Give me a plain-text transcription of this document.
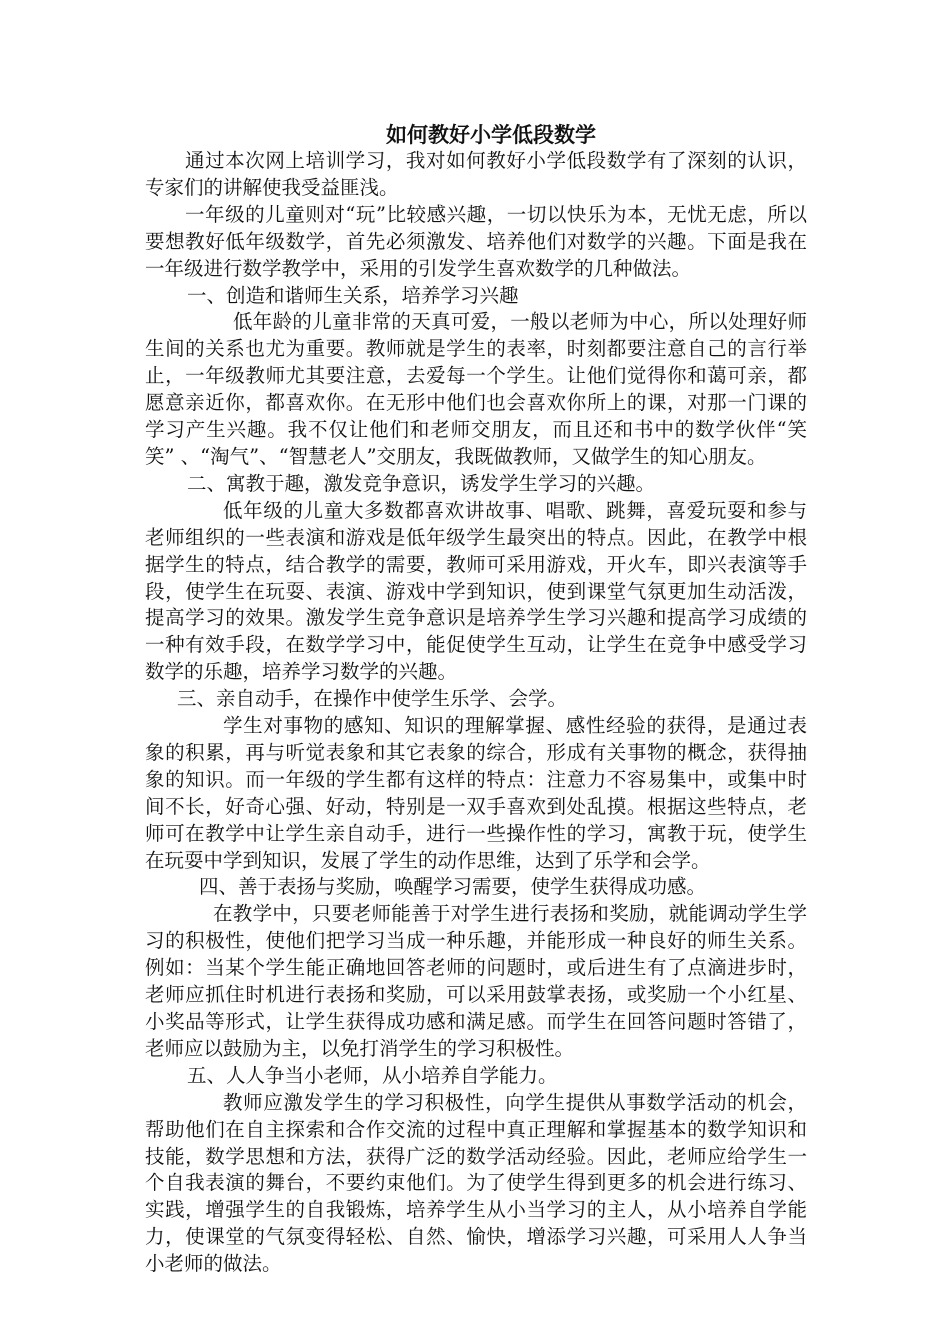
如何教好小学低段数学

通过本次网上培训学习，我对如何教好小学低段数学有了深刻的认识，专家们的讲解使我受益匪浅。

一年级的儿童则对“玩”比较感兴趣，一切以快乐为本，无忧无虑，所以要想教好低年级数学，首先必须激发、培养他们对数学的兴趣。下面是我在一年级进行数学教学中，采用的引发学生喜欢数学的几种做法。

一、创造和谐师生关系，培养学习兴趣

低年龄的儿童非常的天真可爱，一般以老师为中心，所以处理好师生间的关系也尤为重要。教师就是学生的表率，时刻都要注意自己的言行举止，一年级教师尤其要注意，去爱每一个学生。让他们觉得你和蔼可亲，都愿意亲近你，都喜欢你。在无形中他们也会喜欢你所上的课，对那一门课的学习产生兴趣。我不仅让他们和老师交朋友，而且还和书中的数学伙伴“笑笑” 、“淘气”、“智慧老人”交朋友，我既做教师，又做学生的知心朋友。

二、寓教于趣，激发竞争意识，诱发学生学习的兴趣。

低年级的儿童大多数都喜欢讲故事、唱歌、跳舞，喜爱玩耍和参与老师组织的一些表演和游戏是低年级学生最突出的特点。因此，在教学中根据学生的特点，结合教学的需要，教师可采用游戏，开火车，即兴表演等手段，使学生在玩耍、表演、游戏中学到知识，使到课堂气氛更加生动活泼，提高学习的效果。激发学生竞争意识是培养学生学习兴趣和提高学习成绩的一种有效手段，在数学学习中，能促使学生互动，让学生在竞争中感受学习数学的乐趣，培养学习数学的兴趣。

三、亲自动手，在操作中使学生乐学、会学。

学生对事物的感知、知识的理解掌握、感性经验的获得，是通过表象的积累，再与听觉表象和其它表象的综合，形成有关事物的概念，获得抽象的知识。而一年级的学生都有这样的特点：注意力不容易集中，或集中时间不长，好奇心强、好动，特别是一双手喜欢到处乱摸。根据这些特点，老师可在教学中让学生亲自动手，进行一些操作性的学习，寓教于玩，使学生在玩耍中学到知识，发展了学生的动作思维，达到了乐学和会学。

四、善于表扬与奖励，唤醒学习需要，使学生获得成功感。

在教学中，只要老师能善于对学生进行表扬和奖励，就能调动学生学习的积极性，使他们把学习当成一种乐趣，并能形成一种良好的师生关系。例如：当某个学生能正确地回答老师的问题时，或后进生有了点滴进步时，老师应抓住时机进行表扬和奖励，可以采用鼓掌表扬，或奖励一个小红星、小奖品等形式，让学生获得成功感和满足感。而学生在回答问题时答错了，老师应以鼓励为主，以免打消学生的学习积极性。

五、人人争当小老师，从小培养自学能力。

教师应激发学生的学习积极性，向学生提供从事数学活动的机会，帮助他们在自主探索和合作交流的过程中真正理解和掌握基本的数学知识和技能，数学思想和方法，获得广泛的数学活动经验。因此，老师应给学生一个自我表演的舞台，不要约束他们。为了使学生得到更多的机会进行练习、实践，增强学生的自我锻炼，培养学生从小当学习的主人，从小培养自学能力，使课堂的气氛变得轻松、自然、愉快，增添学习兴趣，可采用人人争当小老师的做法。
